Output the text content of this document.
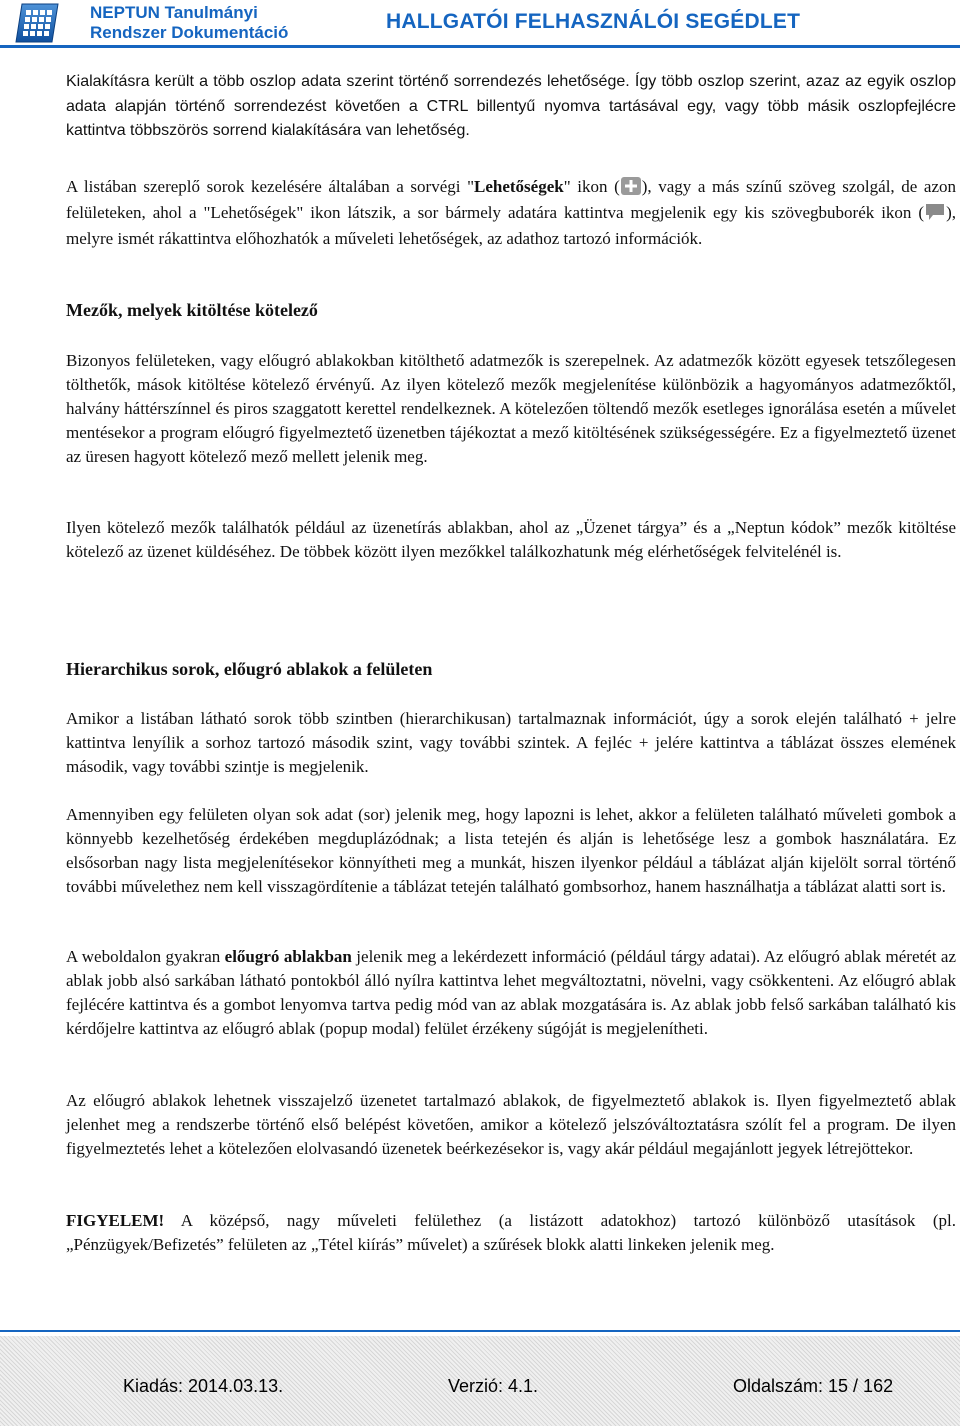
NEPTUN Tanulmányi
Rendszer Dokumentáció	HALLGATÓI FELHASZNÁLÓI SEGÉDLET

Kialakításra került a több oszlop adata szerint történő sorrendezés lehetősége. Így több oszlop szerint, azaz az egyik oszlop adata alapján történő sorrendezést követően a CTRL billentyű nyomva tartásával egy, vagy több másik oszlopfejlécre kattintva többszörös sorrend kialakítására van lehetőség.

A listában szereplő sorok kezelésére általában a sorvégi "Lehetőségek" ikon ( ), vagy a más színű szöveg szolgál, de azon felületeken, ahol a "Lehetőségek" ikon látszik, a sor bármely adatára kattintva megjelenik egy kis szövegbuborék ikon ( ), melyre ismét rákattintva előhozhatók a műveleti lehetőségek, az adathoz tartozó információk.

Mezők, melyek kitöltése kötelező

Bizonyos felületeken, vagy előugró ablakokban kitölthető adatmezők is szerepelnek. Az adatmezők között egyesek tetszőlegesen tölthetők, mások kitöltése kötelező érvényű. Az ilyen kötelező mezők megjelenítése különbözik a hagyományos adatmezőktől, halvány háttérszínnel és piros szaggatott kerettel rendelkeznek. A kötelezően töltendő mezők esetleges ignorálása esetén a művelet mentésekor a program előugró figyelmeztető üzenetben tájékoztat a mező kitöltésének szükségességére. Ez a figyelmeztető üzenet az üresen hagyott kötelező mező mellett jelenik meg.

Ilyen kötelező mezők találhatók például az üzenetírás ablakban, ahol az „Üzenet tárgya” és a „Neptun kódok” mezők kitöltése kötelező az üzenet küldéséhez. De többek között ilyen mezőkkel találkozhatunk még elérhetőségek felvitelénél is.

Hierarchikus sorok, előugró ablakok a felületen

Amikor a listában látható sorok több szintben (hierarchikusan) tartalmaznak információt, úgy a sorok elején található + jelre kattintva lenyílik a sorhoz tartozó második szint, vagy további szintek. A fejléc + jelére kattintva a táblázat összes elemének második, vagy további szintje is megjelenik.

Amennyiben egy felületen olyan sok adat (sor) jelenik meg, hogy lapozni is lehet, akkor a felületen található műveleti gombok a könnyebb kezelhetőség érdekében megduplázódnak; a lista tetején és alján is lehetősége lesz a gombok használatára. Ez elsősorban nagy lista megjelenítésekor könnyítheti meg a munkát, hiszen ilyenkor például a táblázat alján kijelölt sorral történő további művelethez nem kell visszagördítenie a táblázat tetején található gombsorhoz, hanem használhatja a táblázat alatti sort is.

A weboldalon gyakran előugró ablakban jelenik meg a lekérdezett információ (például tárgy adatai). Az előugró ablak méretét az ablak jobb alsó sarkában látható pontokból álló nyílra kattintva lehet megváltoztatni, növelni, vagy csökkenteni. Az előugró ablak fejlécére kattintva és a gombot lenyomva tartva pedig mód van az ablak mozgatására is. Az ablak jobb felső sarkában található kis kérdőjelre kattintva az előugró ablak (popup modal) felület érzékeny súgóját is megjelenítheti.

Az előugró ablakok lehetnek visszajelző üzenetet tartalmazó ablakok, de figyelmeztető ablakok is. Ilyen figyelmeztető ablak jelenhet meg a rendszerbe történő első belépést követően, amikor a kötelező jelszóváltoztatásra szólít fel a program. De ilyen figyelmeztetés lehet a kötelezően elolvasandó üzenetek beérkezésekor is, vagy akár például megajánlott jegyek létrejöttekor.

FIGYELEM! A középső, nagy műveleti felülethez (a listázott adatokhoz) tartozó különböző utasítások (pl. „Pénzügyek/Befizetés” felületen az „Tétel kiírás” művelet) a szűrések blokk alatti linkeken jelenik meg.

Kiadás: 2014.03.13.	Verzió: 4.1.	Oldalszám: 15 / 162
